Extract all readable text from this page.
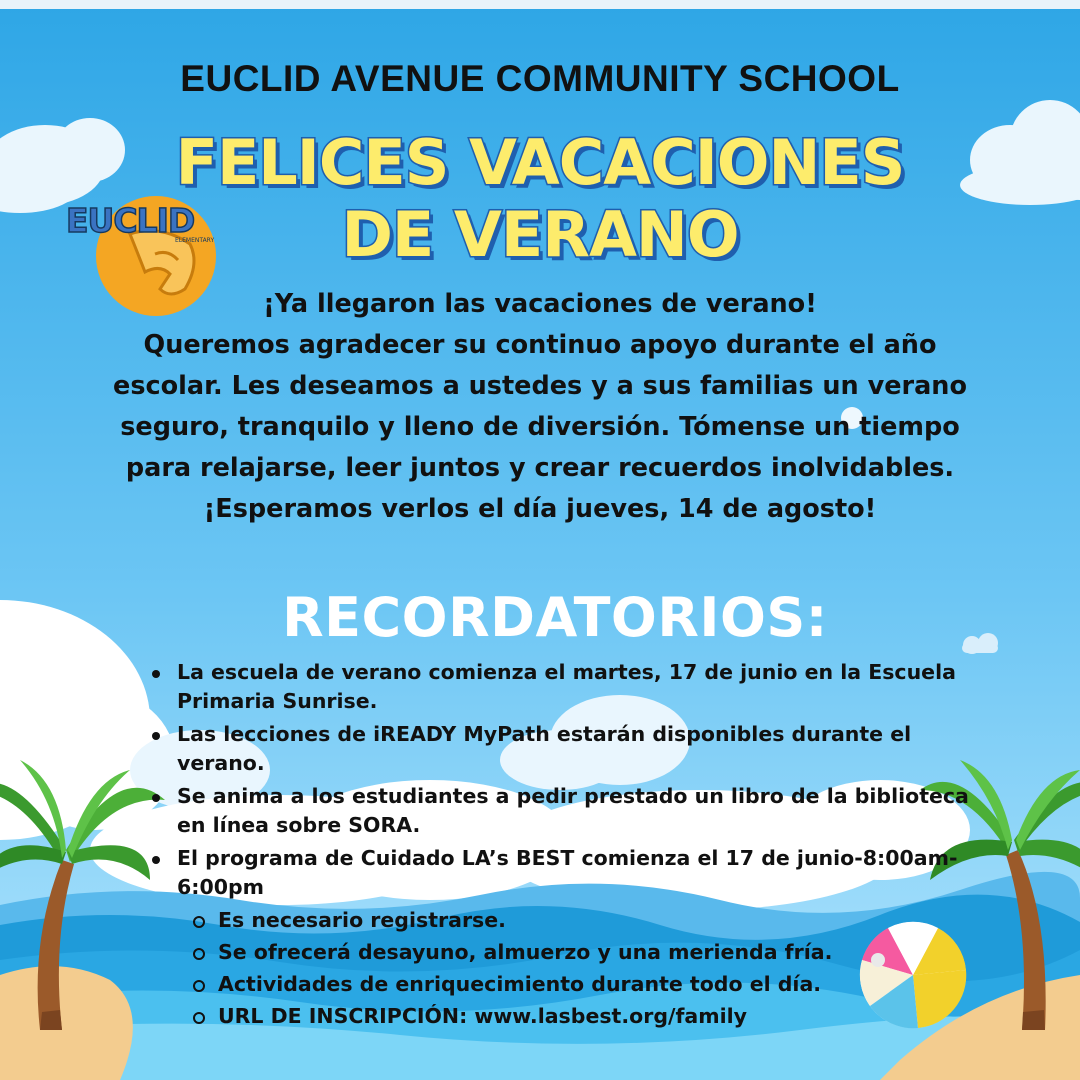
EUCLID AVENUE COMMUNITY SCHOOL
FELICES VACACIONES
DE VERANO
EUCLID
ELEMENTARY

¡Ya llegaron las vacaciones de verano!

Queremos agradecer su continuo apoyo durante el año

escolar. Les deseamos a ustedes y a sus familias un verano

seguro, tranquilo y lleno de diversión. Tómense un tiempo

para relajarse, leer juntos y crear recuerdos inolvidables.

¡Esperamos verlos el día jueves, 14 de agosto!

RECORDATORIOS:
La escuela de verano comienza el martes, 17 de junio en la Escuela Primaria Sunrise.
Las lecciones de iREADY MyPath estarán disponibles durante el verano.
Se anima a los estudiantes a pedir prestado un libro de la biblioteca en línea sobre SORA.
El programa de Cuidado LA’s BEST comienza el 17 de junio-8:00am-6:00pm
Es necesario registrarse.
Se ofrecerá desayuno, almuerzo y una merienda fría.
Actividades de enriquecimiento durante todo el día.
URL DE INSCRIPCIÓN: www.lasbest.org/family
